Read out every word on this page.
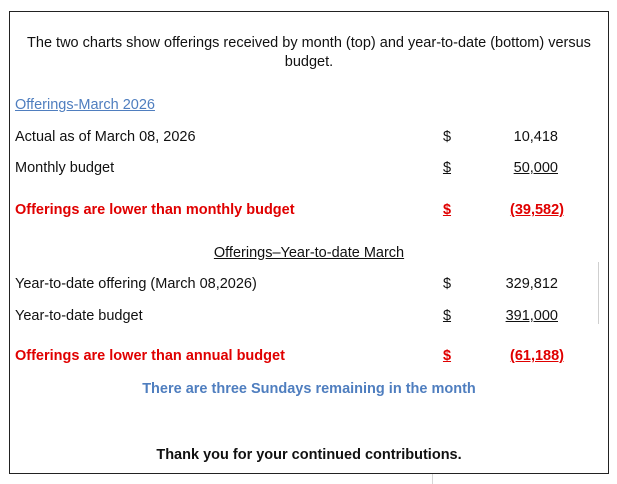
The two charts show offerings received by month (top) and year-to-date (bottom) versus budget.
Offerings-March 2026
Actual as of March 08, 2026	$	10,418
Monthly budget	$	50,000
Offerings are lower than monthly budget	$	(39,582)
Offerings–Year-to-date March
Year-to-date offering (March 08,2026)	$	329,812
Year-to-date budget	$	391,000
Offerings are lower than annual budget	$	(61,188)
There are three Sundays remaining in the month
Thank you for your continued contributions.
